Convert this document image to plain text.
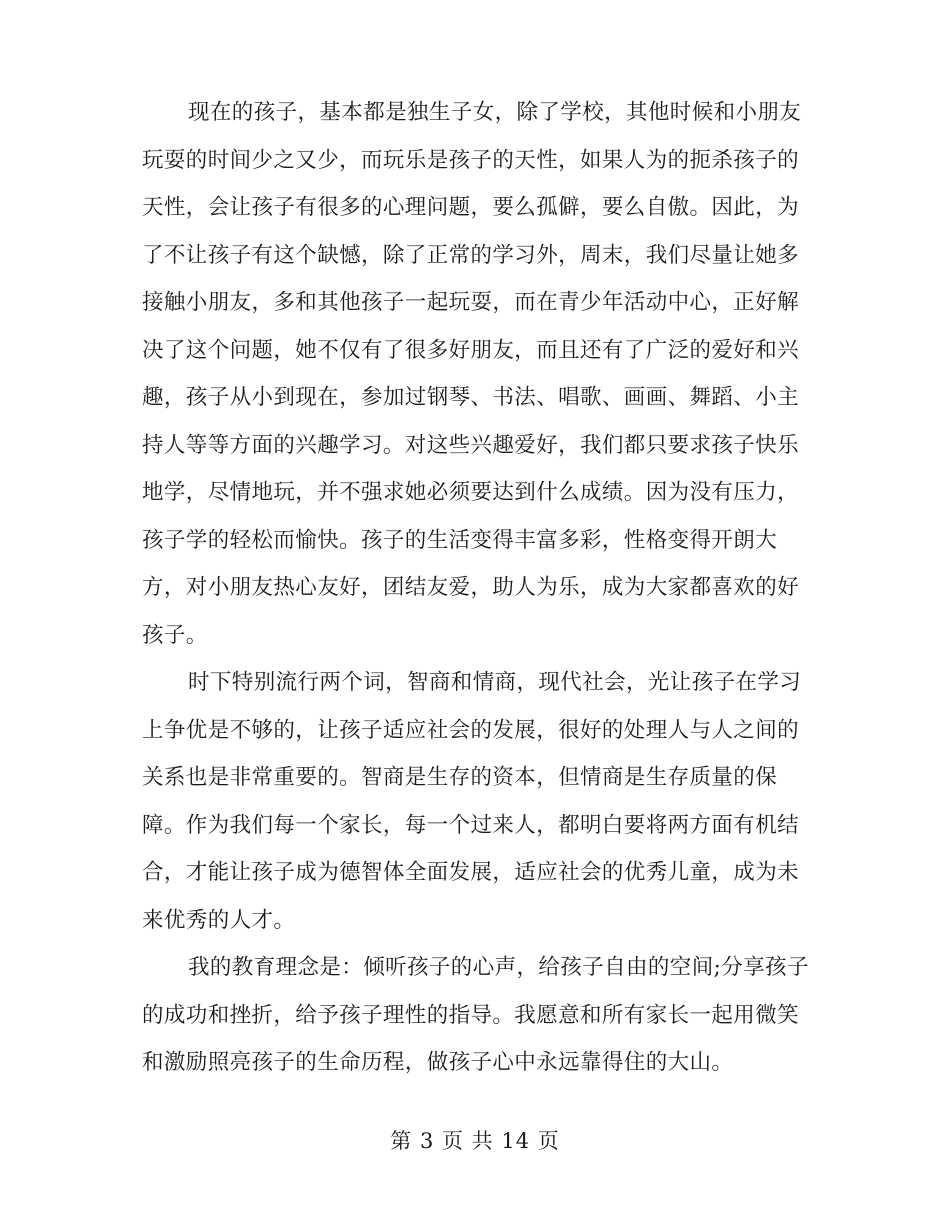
现在的孩子，基本都是独生子女，除了学校，其他时候和小朋友
玩耍的时间少之又少，而玩乐是孩子的天性，如果人为的扼杀孩子的
天性，会让孩子有很多的心理问题，要么孤僻，要么自傲。因此，为
了不让孩子有这个缺憾，除了正常的学习外，周末，我们尽量让她多
接触小朋友，多和其他孩子一起玩耍，而在青少年活动中心，正好解
决了这个问题，她不仅有了很多好朋友，而且还有了广泛的爱好和兴
趣，孩子从小到现在，参加过钢琴、书法、唱歌、画画、舞蹈、小主
持人等等方面的兴趣学习。对这些兴趣爱好，我们都只要求孩子快乐
地学，尽情地玩，并不强求她必须要达到什么成绩。因为没有压力，
孩子学的轻松而愉快。孩子的生活变得丰富多彩，性格变得开朗大
方，对小朋友热心友好，团结友爱，助人为乐，成为大家都喜欢的好
孩子。
时下特别流行两个词，智商和情商，现代社会，光让孩子在学习
上争优是不够的，让孩子适应社会的发展，很好的处理人与人之间的
关系也是非常重要的。智商是生存的资本，但情商是生存质量的保
障。作为我们每一个家长，每一个过来人，都明白要将两方面有机结
合，才能让孩子成为德智体全面发展，适应社会的优秀儿童，成为未
来优秀的人才。
我的教育理念是：倾听孩子的心声，给孩子自由的空间;分享孩子
的成功和挫折，给予孩子理性的指导。我愿意和所有家长一起用微笑
和激励照亮孩子的生命历程，做孩子心中永远靠得住的大山。
第 3 页 共 14 页
